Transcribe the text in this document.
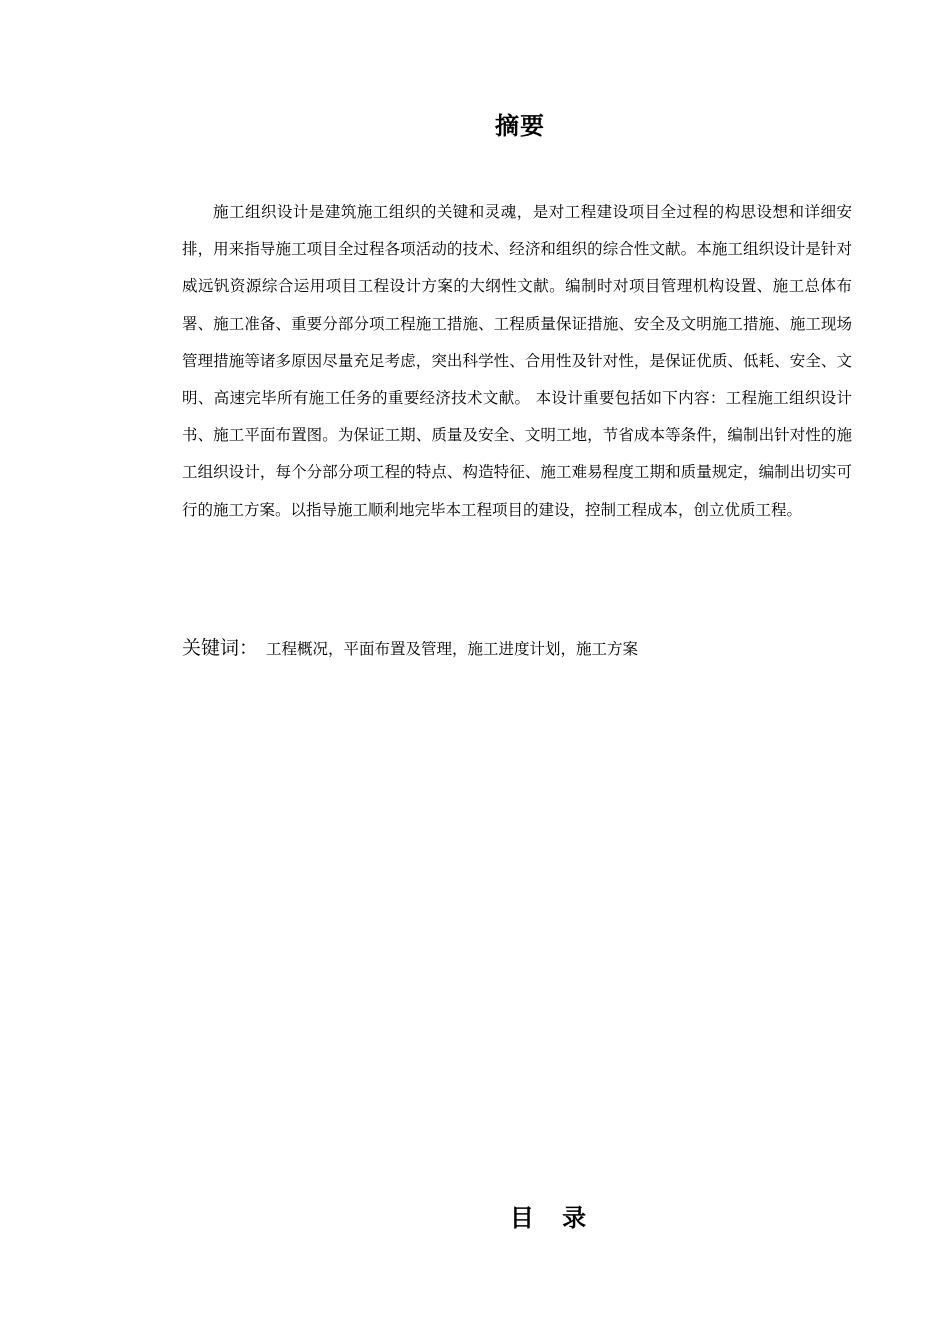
摘要

施工组织设计是建筑施工组织的关键和灵魂，是对工程建设项目全过程的构思设想和详细安排，用来指导施工项目全过程各项活动的技术、经济和组织的综合性文献。本施工组织设计是针对威远钒资源综合运用项目工程设计方案的大纲性文献。编制时对项目管理机构设置、施工总体布署、施工准备、重要分部分项工程施工措施、工程质量保证措施、安全及文明施工措施、施工现场管理措施等诸多原因尽量充足考虑，突出科学性、合用性及针对性，是保证优质、低耗、安全、文明、高速完毕所有施工任务的重要经济技术文献。 本设计重要包括如下内容：工程施工组织设计书、施工平面布置图。为保证工期、质量及安全、文明工地，节省成本等条件，编制出针对性的施工组织设计，每个分部分项工程的特点、构造特征、施工难易程度工期和质量规定，编制出切实可行的施工方案。以指导施工顺利地完毕本工程项目的建设，控制工程成本，创立优质工程。

关键词： 工程概况，平面布置及管理，施工进度计划，施工方案
目 录
